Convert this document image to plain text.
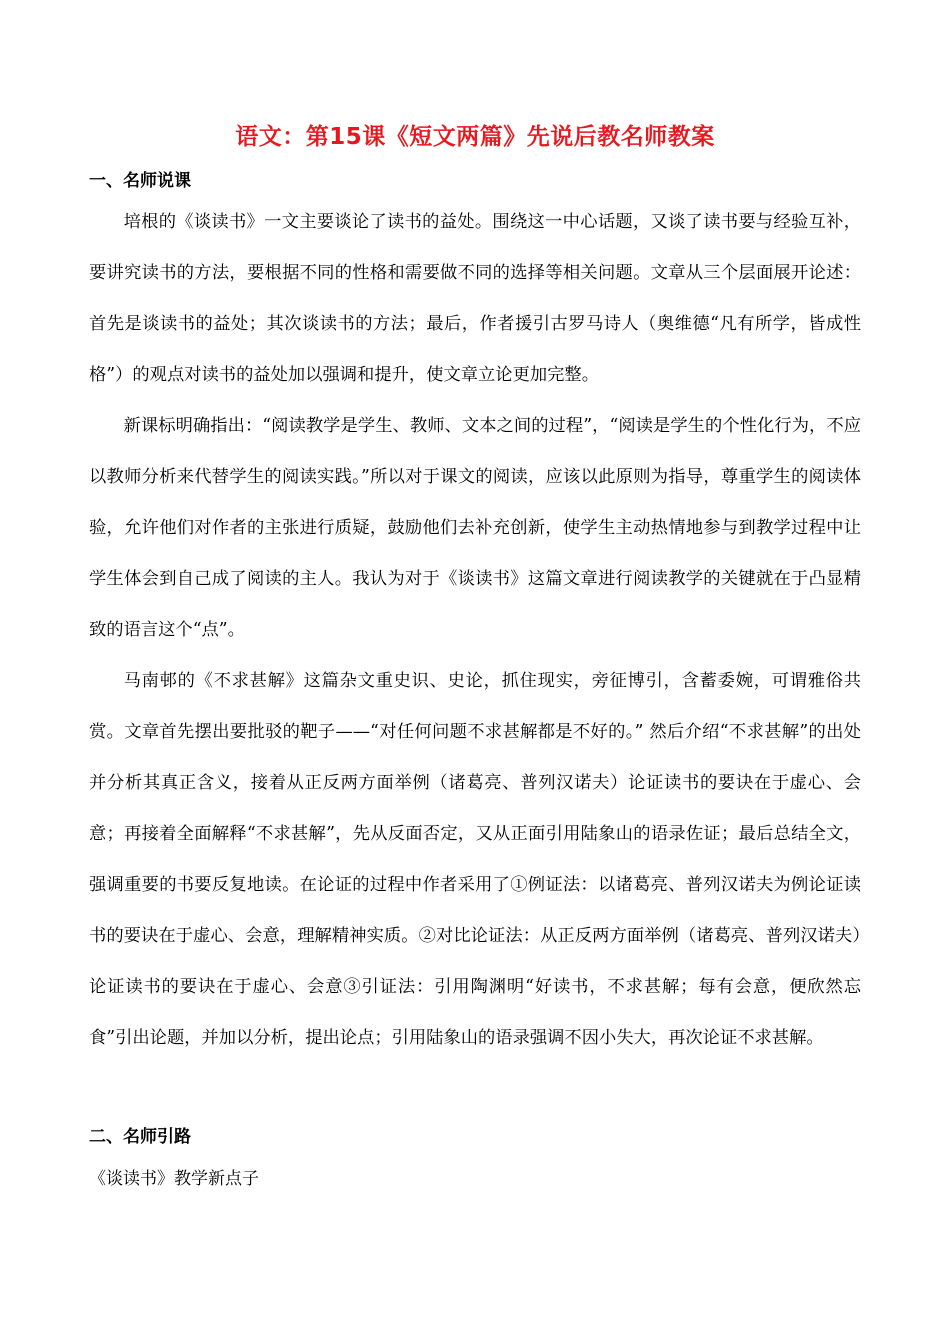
语文：第15课《短文两篇》先说后教名师教案
一、名师说课

培根的《谈读书》一文主要谈论了读书的益处。围绕这一中心话题，又谈了读书要与经验互补，要讲究读书的方法，要根据不同的性格和需要做不同的选择等相关问题。文章从三个层面展开论述：首先是谈读书的益处；其次谈读书的方法；最后，作者援引古罗马诗人（奥维德“凡有所学，皆成性格”）的观点对读书的益处加以强调和提升，使文章立论更加完整。

新课标明确指出：“阅读教学是学生、教师、文本之间的过程”，“阅读是学生的个性化行为，不应以教师分析来代替学生的阅读实践。”所以对于课文的阅读，应该以此原则为指导，尊重学生的阅读体验，允许他们对作者的主张进行质疑，鼓励他们去补充创新，使学生主动热情地参与到教学过程中让学生体会到自己成了阅读的主人。我认为对于《谈读书》这篇文章进行阅读教学的关键就在于凸显精致的语言这个“点”。

马南邨的《不求甚解》这篇杂文重史识、史论，抓住现实，旁征博引，含蓄委婉，可谓雅俗共赏。文章首先摆出要批驳的靶子——“对任何问题不求甚解都是不好的。” 然后介绍“不求甚解”的出处并分析其真正含义，接着从正反两方面举例（诸葛亮、普列汉诺夫）论证读书的要诀在于虚心、会意；再接着全面解释“不求甚解”，先从反面否定，又从正面引用陆象山的语录佐证；最后总结全文，强调重要的书要反复地读。在论证的过程中作者采用了①例证法：以诸葛亮、普列汉诺夫为例论证读书的要诀在于虚心、会意，理解精神实质。②对比论证法：从正反两方面举例（诸葛亮、普列汉诺夫）论证读书的要诀在于虚心、会意③引证法：引用陶渊明“好读书，不求甚解；每有会意，便欣然忘食”引出论题，并加以分析，提出论点；引用陆象山的语录强调不因小失大，再次论证不求甚解。

二、名师引路
《谈读书》教学新点子
